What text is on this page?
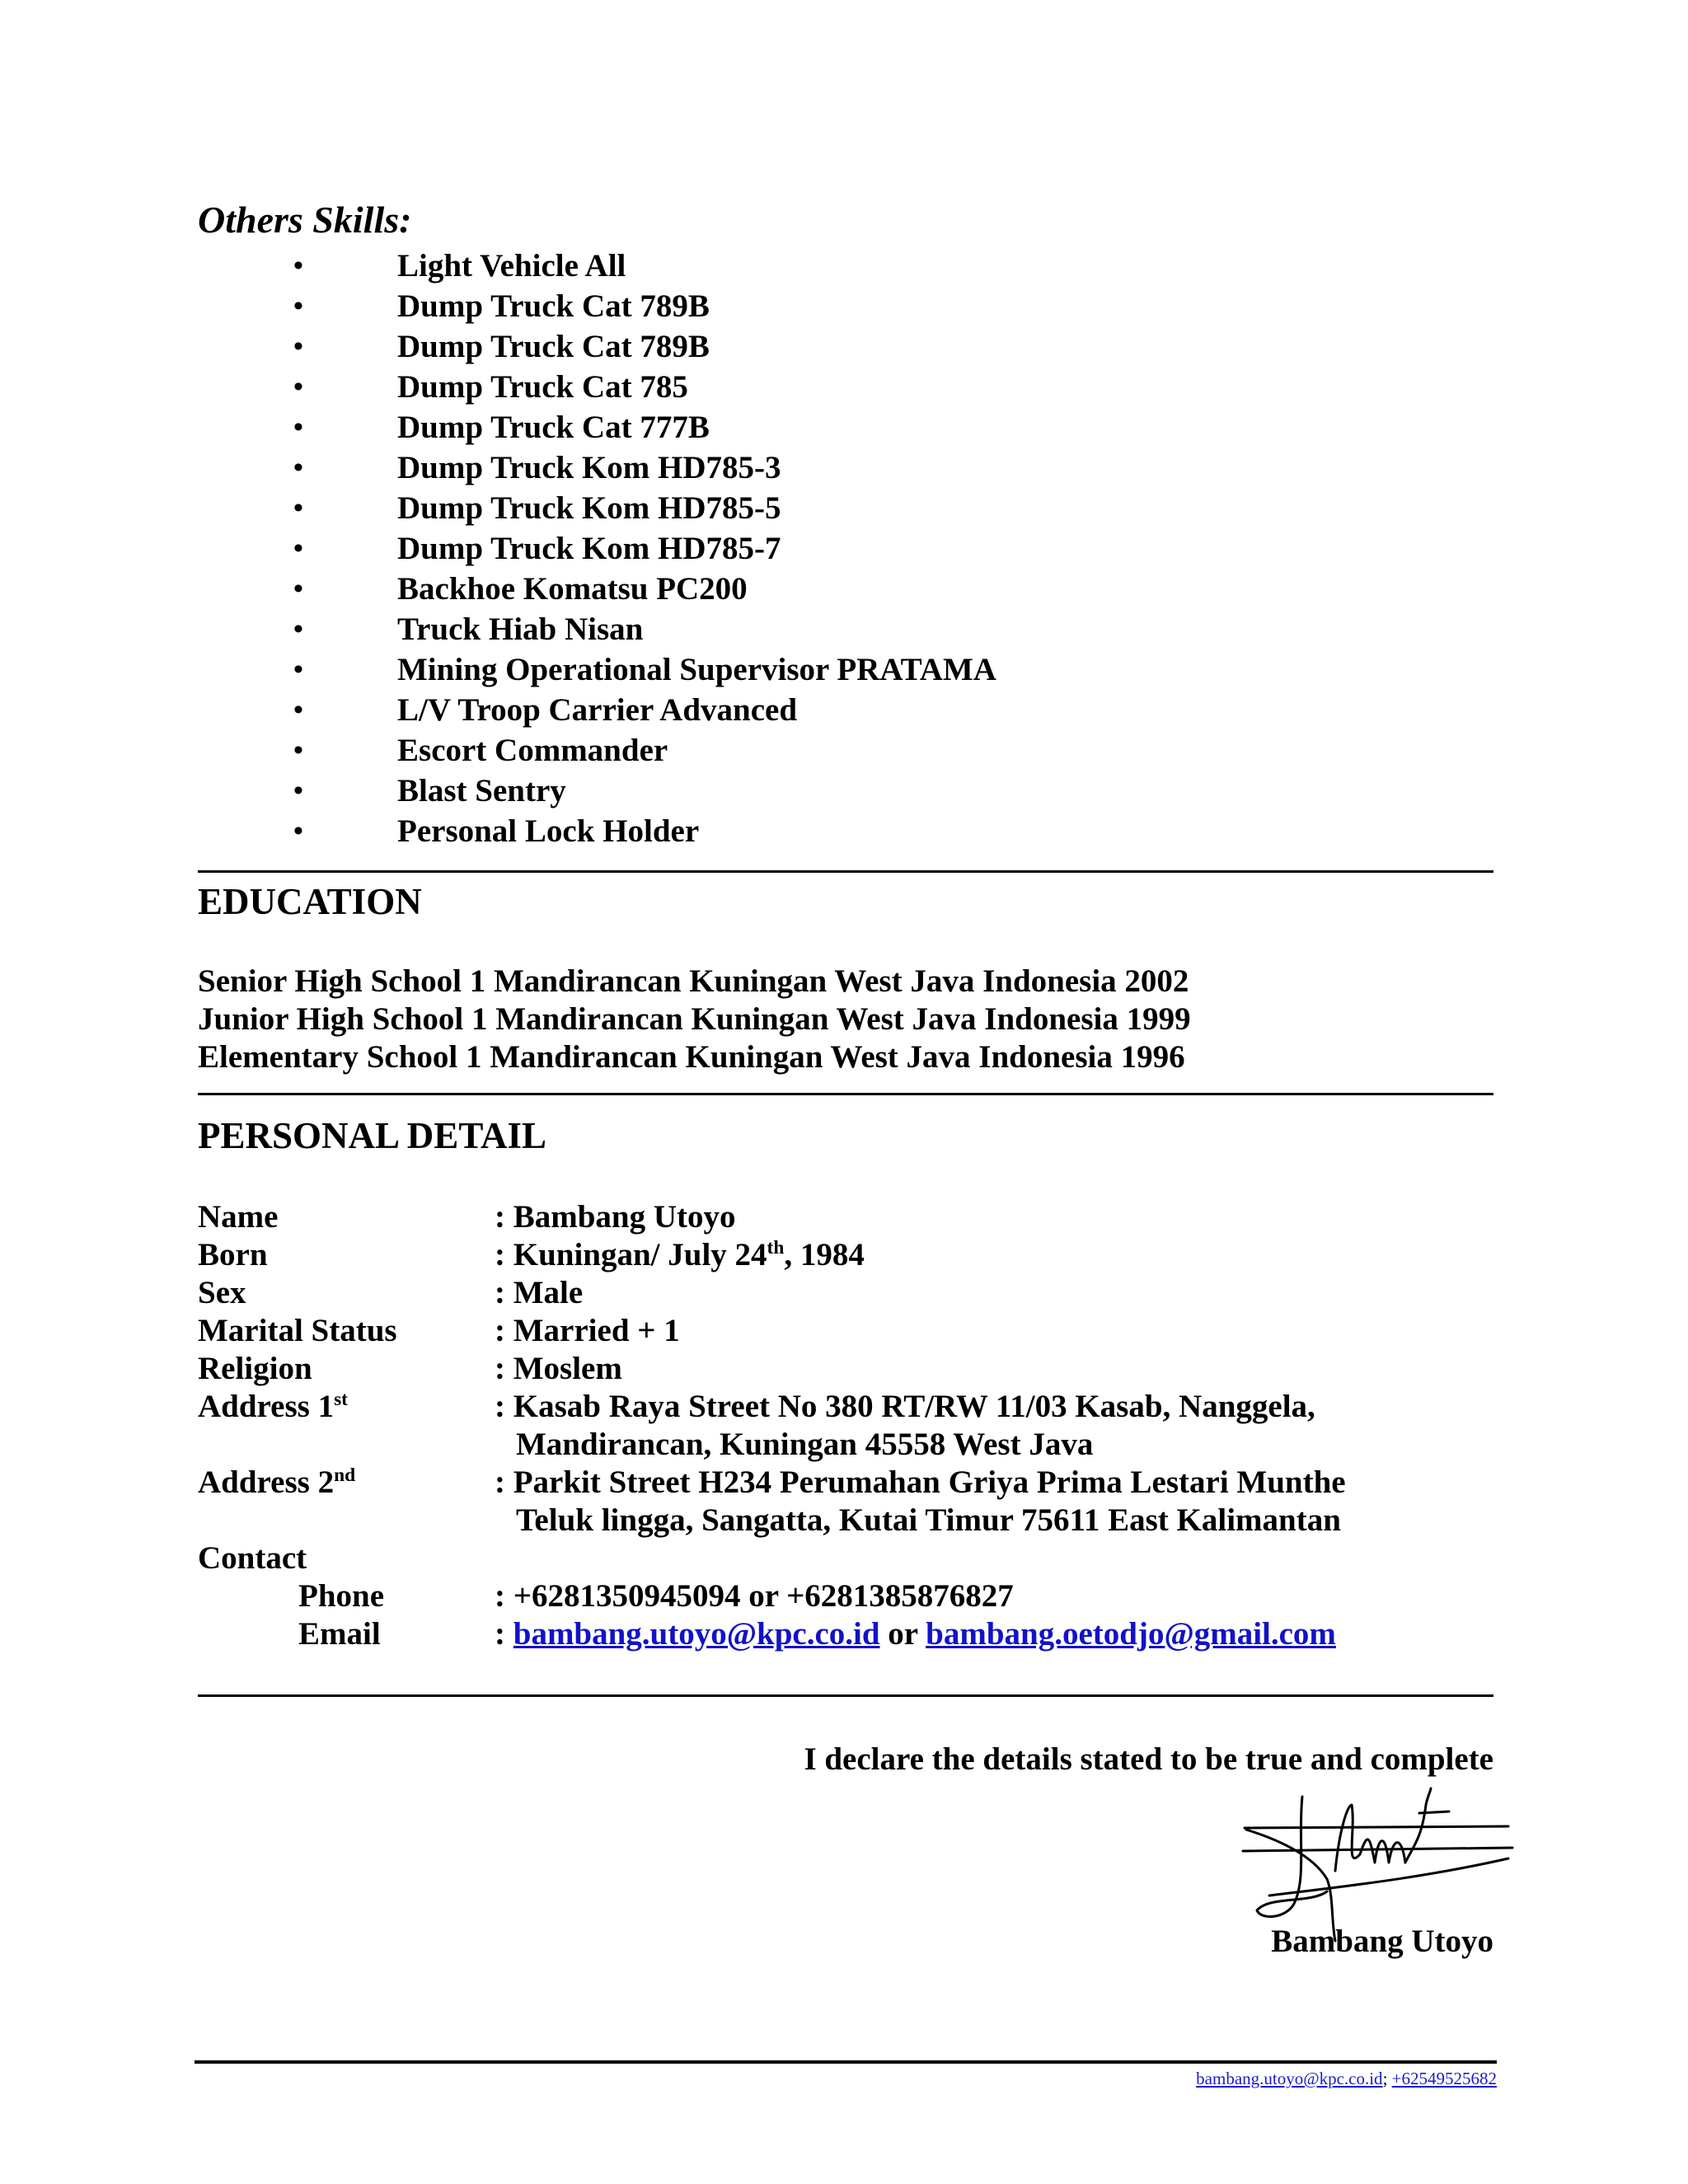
Others Skills:
•	Light Vehicle All
•	Dump Truck Cat 789B
•	Dump Truck Cat 789B
•	Dump Truck Cat 785
•	Dump Truck Cat 777B
•	Dump Truck Kom HD785-3
•	Dump Truck Kom HD785-5
•	Dump Truck Kom HD785-7
•	Backhoe Komatsu PC200
•	Truck Hiab Nisan
•	Mining Operational Supervisor PRATAMA
•	L/V Troop Carrier Advanced
•	Escort Commander
•	Blast Sentry
•	Personal Lock Holder
EDUCATION
Senior High School 1 Mandirancan Kuningan West Java Indonesia 2002
Junior High School 1 Mandirancan Kuningan West Java Indonesia 1999
Elementary School 1 Mandirancan Kuningan West Java Indonesia 1996
PERSONAL DETAIL
Name	: Bambang Utoyo
Born	: Kuningan/ July 24th, 1984
Sex	: Male
Marital Status	: Married + 1
Religion	: Moslem
Address 1st	: Kasab Raya Street No 380 RT/RW 11/03 Kasab, Nanggela,
Mandirancan, Kuningan 45558 West Java
Address 2nd	: Parkit Street H234 Perumahan Griya Prima Lestari Munthe
Teluk lingga, Sangatta, Kutai Timur 75611 East Kalimantan
Contact
Phone	: +6281350945094 or +6281385876827
Email	: bambang.utoyo@kpc.co.id or bambang.oetodjo@gmail.com
I declare the details stated to be true and complete
Bambang Utoyo
bambang.utoyo@kpc.co.id; +62549525682
